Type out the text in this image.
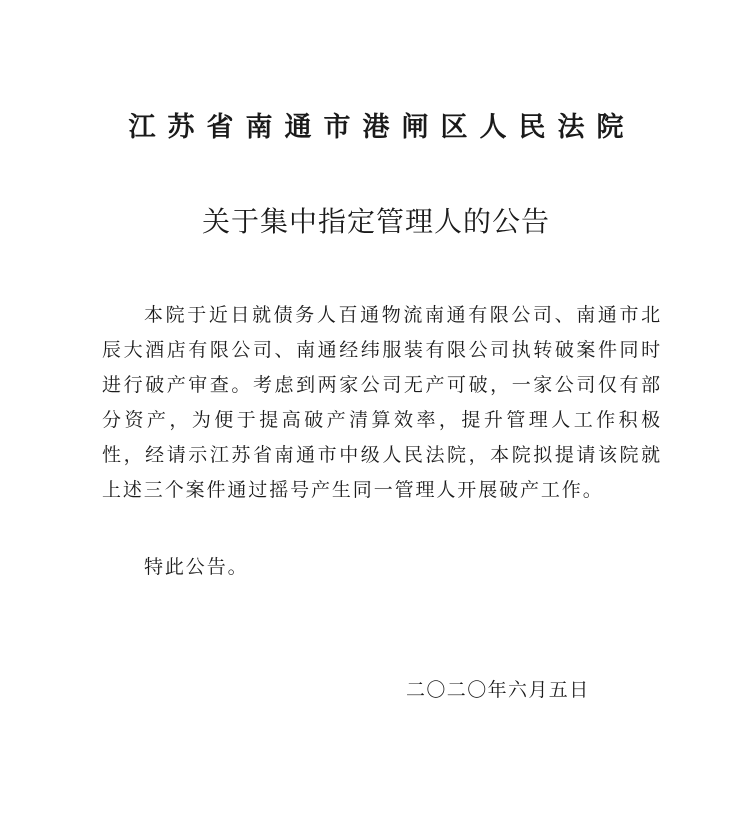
江苏省南通市港闸区人民法院
关于集中指定管理人的公告

本院于近日就债务人百通物流南通有限公司、南通市北辰大酒店有限公司、南通经纬服装有限公司执转破案件同时进行破产审查。考虑到两家公司无产可破，一家公司仅有部分资产，为便于提高破产清算效率，提升管理人工作积极性，经请示江苏省南通市中级人民法院，本院拟提请该院就上述三个案件通过摇号产生同一管理人开展破产工作。

特此公告。

二〇二〇年六月五日
